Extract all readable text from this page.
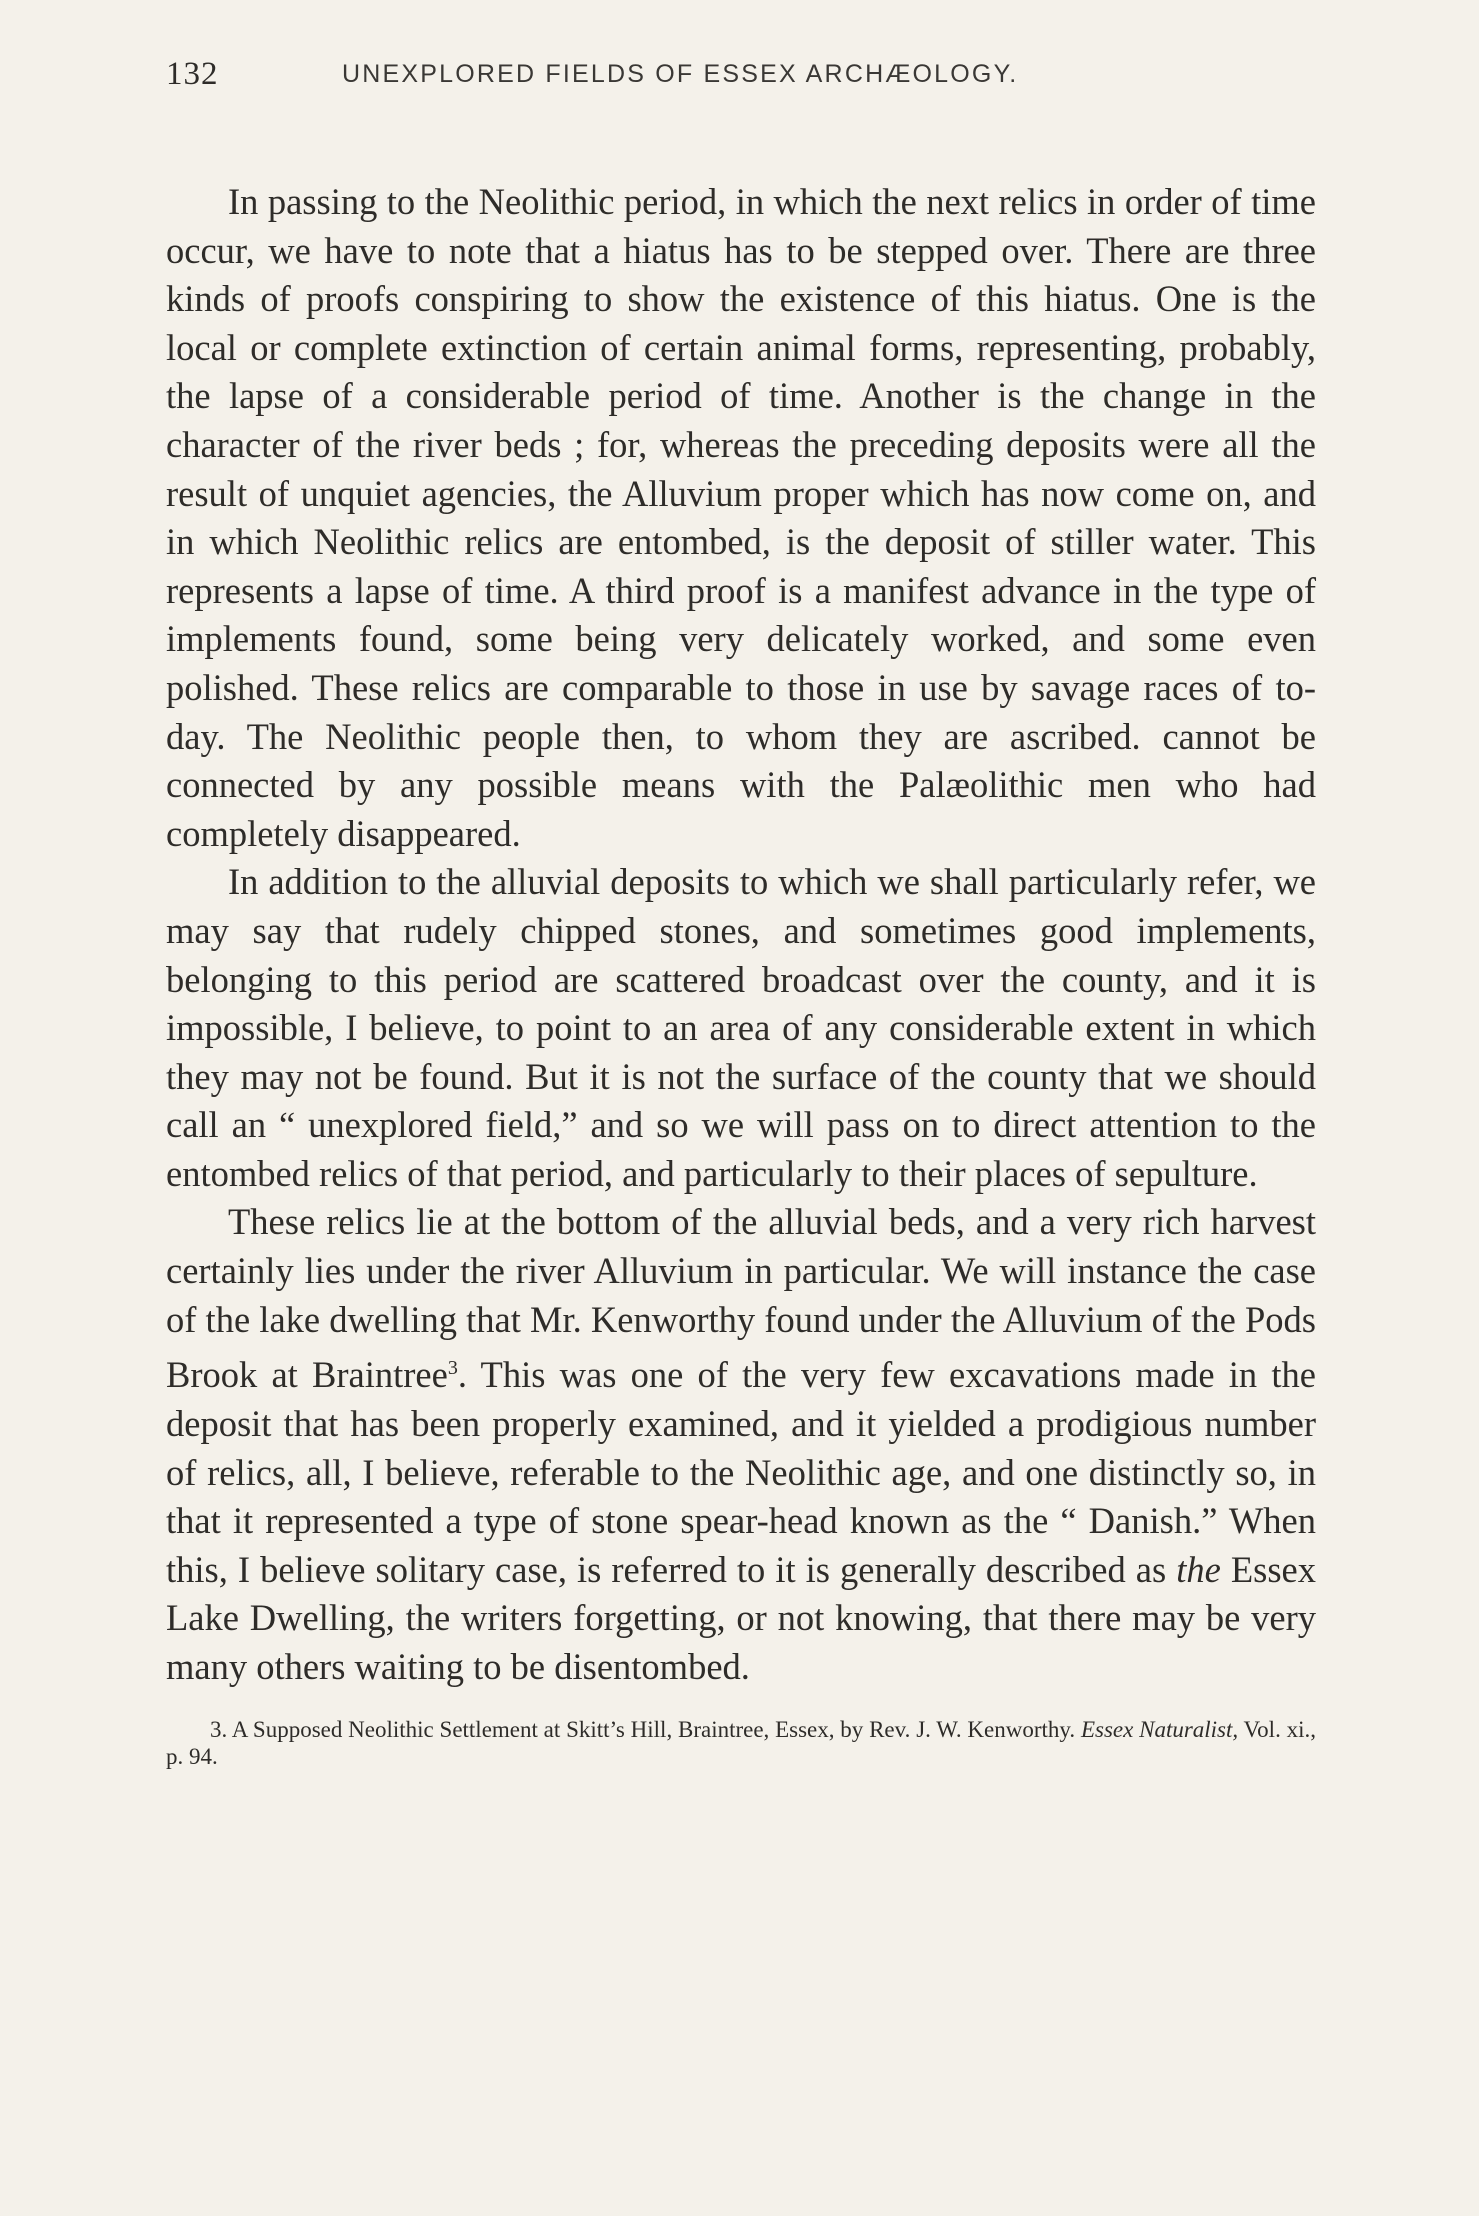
132	UNEXPLORED FIELDS OF ESSEX ARCHÆOLOGY.

In passing to the Neolithic period, in which the next relics in order of time occur, we have to note that a hiatus has to be stepped over. There are three kinds of proofs conspiring to show the existence of this hiatus. One is the local or complete extinction of certain animal forms, representing, probably, the lapse of a considerable period of time. Another is the change in the character of the river beds ; for, whereas the preceding deposits were all the result of unquiet agencies, the Alluvium proper which has now come on, and in which Neolithic relics are entombed, is the deposit of stiller water. This represents a lapse of time. A third proof is a manifest advance in the type of implements found, some being very delicately worked, and some even polished. These relics are comparable to those in use by savage races of to-day. The Neolithic people then, to whom they are ascribed. cannot be connected by any possible means with the Palæolithic men who had completely disappeared.

In addition to the alluvial deposits to which we shall particularly refer, we may say that rudely chipped stones, and sometimes good implements, belonging to this period are scattered broadcast over the county, and it is impossible, I believe, to point to an area of any considerable extent in which they may not be found. But it is not the surface of the county that we should call an “ unexplored field,” and so we will pass on to direct attention to the entombed relics of that period, and particularly to their places of sepulture.

These relics lie at the bottom of the alluvial beds, and a very rich harvest certainly lies under the river Alluvium in particular. We will instance the case of the lake dwelling that Mr. Kenworthy found under the Alluvium of the Pods Brook at Braintree$^3$. This was one of the very few excavations made in the deposit that has been properly examined, and it yielded a prodigious number of relics, all, I believe, referable to the Neolithic age, and one distinctly so, in that it represented a type of stone spear-head known as the “ Danish.” When this, I believe solitary case, is referred to it is generally described as the Essex Lake Dwelling, the writers forgetting, or not knowing, that there may be very many others waiting to be disentombed.

3. A Supposed Neolithic Settlement at Skitt’s Hill, Braintree, Essex, by Rev. J. W. Kenworthy. Essex Naturalist, Vol. xi., p. 94.
